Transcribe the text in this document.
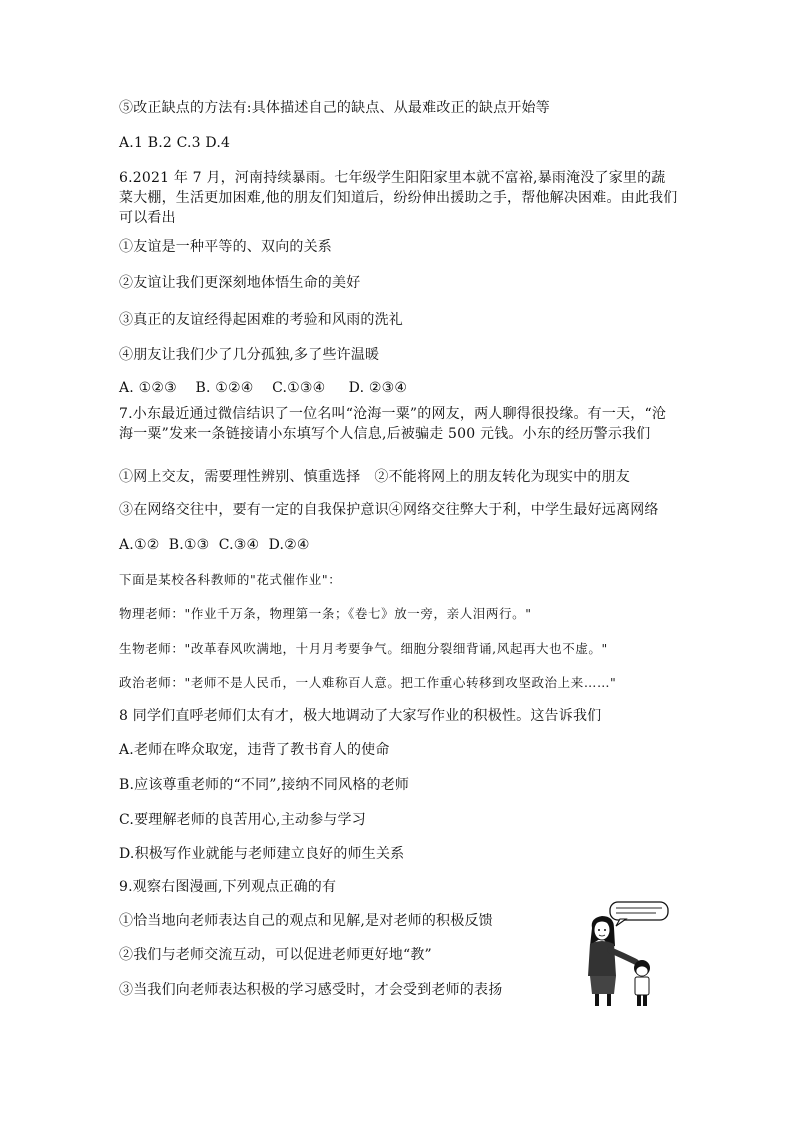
⑤改正缺点的方法有:具体描述自己的缺点、从最难改正的缺点开始等
A.1 B.2 C.3 D.4
6.2021 年 7 月，河南持续暴雨。七年级学生阳阳家里本就不富裕,暴雨淹没了家里的蔬菜大棚，生活更加困难,他的朋友们知道后，纷纷伸出援助之手，帮他解决困难。由此我们可以看出
①友谊是一种平等的、双向的关系
②友谊让我们更深刻地体悟生命的美好
③真正的友谊经得起困难的考验和风雨的洗礼
④朋友让我们少了几分孤独,多了些许温暖
A. ①②③    B. ①②④    C.①③④     D. ②③④
7.小东最近通过微信结识了一位名叫“沧海一粟”的网友，两人聊得很投缘。有一天，“沧海一粟”发来一条链接请小东填写个人信息,后被骗走 500 元钱。小东的经历警示我们
①网上交友，需要理性辨别、慎重选择   ②不能将网上的朋友转化为现实中的朋友
③在网络交往中，要有一定的自我保护意识④网络交往弊大于利，中学生最好远离网络
A.①②  B.①③  C.③④  D.②④
下面是某校各科教师的"花式催作业"：
物理老师："作业千万条，物理第一条；《卷七》放一旁，亲人泪两行。"
生物老师："改革春风吹满地，十月月考要争气。细胞分裂细背诵,风起再大也不虚。"
政治老师："老师不是人民币，一人难称百人意。把工作重心转移到攻坚政治上来……"
8 同学们直呼老师们太有才，极大地调动了大家写作业的积极性。这告诉我们
A.老师在哗众取宠，违背了教书育人的使命
B.应该尊重老师的“不同”,接纳不同风格的老师
C.要理解老师的良苦用心,主动参与学习
D.积极写作业就能与老师建立良好的师生关系
9.观察右图漫画,下列观点正确的有
①恰当地向老师表达自己的观点和见解,是对老师的积极反馈
②我们与老师交流互动，可以促进老师更好地“教”
③当我们向老师表达积极的学习感受时，才会受到老师的表扬
